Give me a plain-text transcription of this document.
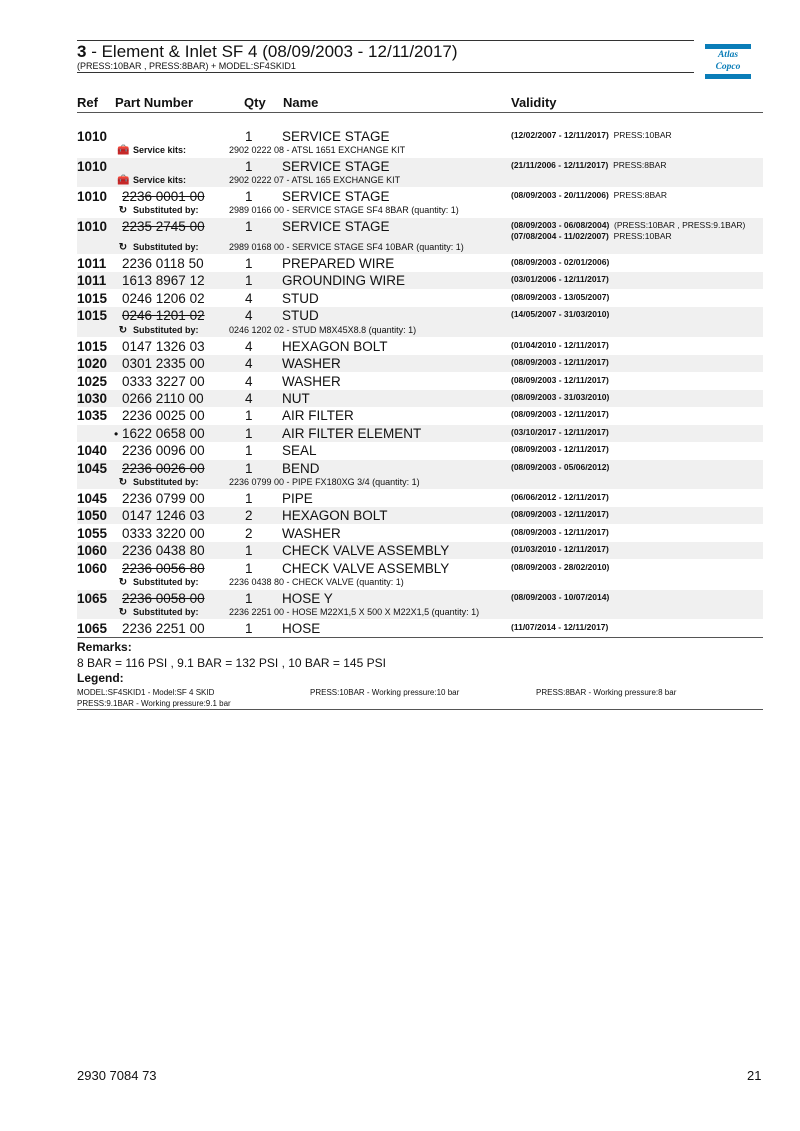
3 - Element & Inlet SF 4 (08/09/2003 - 12/11/2017)
(PRESS:10BAR , PRESS:8BAR) + MODEL:SF4SKID1
Atlas Copco
Ref Part Number	Qty Name	Validity
1010	1 SERVICE STAGE	(12/02/2007 - 12/11/2017) PRESS:10BAR
🧰 Service kits:	2902 0222 08 - ATSL 1651 EXCHANGE KIT
1010	1 SERVICE STAGE	(21/11/2006 - 12/11/2017) PRESS:8BAR
🧰 Service kits:	2902 0222 07 - ATSL 165 EXCHANGE KIT
1010 2236 0001 00	1 SERVICE STAGE	(08/09/2003 - 20/11/2006) PRESS:8BAR
↻ Substituted by:	2989 0166 00 - SERVICE STAGE SF4 8BAR (quantity: 1)
1010 2235 2745 00	1 SERVICE STAGE	(08/09/2003 - 06/08/2004) (PRESS:10BAR , PRESS:9.1BAR)
(07/08/2004 - 11/02/2007) PRESS:10BAR
↻ Substituted by:	2989 0168 00 - SERVICE STAGE SF4 10BAR (quantity: 1)
1011 2236 0118 50	1 PREPARED WIRE	(08/09/2003 - 02/01/2006)
1011 1613 8967 12	1 GROUNDING WIRE	(03/01/2006 - 12/11/2017)
1015 0246 1206 02	4 STUD	(08/09/2003 - 13/05/2007)
1015 0246 1201 02	4 STUD	(14/05/2007 - 31/03/2010)
↻ Substituted by:	0246 1202 02 - STUD M8X45X8.8 (quantity: 1)
1015 0147 1326 03	4 HEXAGON BOLT	(01/04/2010 - 12/11/2017)
1020 0301 2335 00	4 WASHER	(08/09/2003 - 12/11/2017)
1025 0333 3227 00	4 WASHER	(08/09/2003 - 12/11/2017)
1030 0266 2110 00	4 NUT	(08/09/2003 - 31/03/2010)
1035 2236 0025 00	1 AIR FILTER	(08/09/2003 - 12/11/2017)
• 1622 0658 00	1 AIR FILTER ELEMENT	(03/10/2017 - 12/11/2017)
1040 2236 0096 00	1 SEAL	(08/09/2003 - 12/11/2017)
1045 2236 0026 00	1 BEND	(08/09/2003 - 05/06/2012)
↻ Substituted by:	2236 0799 00 - PIPE FX180XG 3/4 (quantity: 1)
1045 2236 0799 00	1 PIPE	(06/06/2012 - 12/11/2017)
1050 0147 1246 03	2 HEXAGON BOLT	(08/09/2003 - 12/11/2017)
1055 0333 3220 00	2 WASHER	(08/09/2003 - 12/11/2017)
1060 2236 0438 80	1 CHECK VALVE ASSEMBLY	(01/03/2010 - 12/11/2017)
1060 2236 0056 80	1 CHECK VALVE ASSEMBLY	(08/09/2003 - 28/02/2010)
↻ Substituted by:	2236 0438 80 - CHECK VALVE (quantity: 1)
1065 2236 0058 00	1 HOSE Y	(08/09/2003 - 10/07/2014)
↻ Substituted by:	2236 2251 00 - HOSE M22X1,5 X 500 X M22X1,5 (quantity: 1)
1065 2236 2251 00	1 HOSE	(11/07/2014 - 12/11/2017)
Remarks:
8 BAR = 116 PSI , 9.1 BAR = 132 PSI , 10 BAR = 145 PSI
Legend:
MODEL:SF4SKID1 - Model:SF 4 SKID	PRESS:10BAR - Working pressure:10 bar	PRESS:8BAR - Working pressure:8 bar
PRESS:9.1BAR - Working pressure:9.1 bar
2930 7084 73	21
